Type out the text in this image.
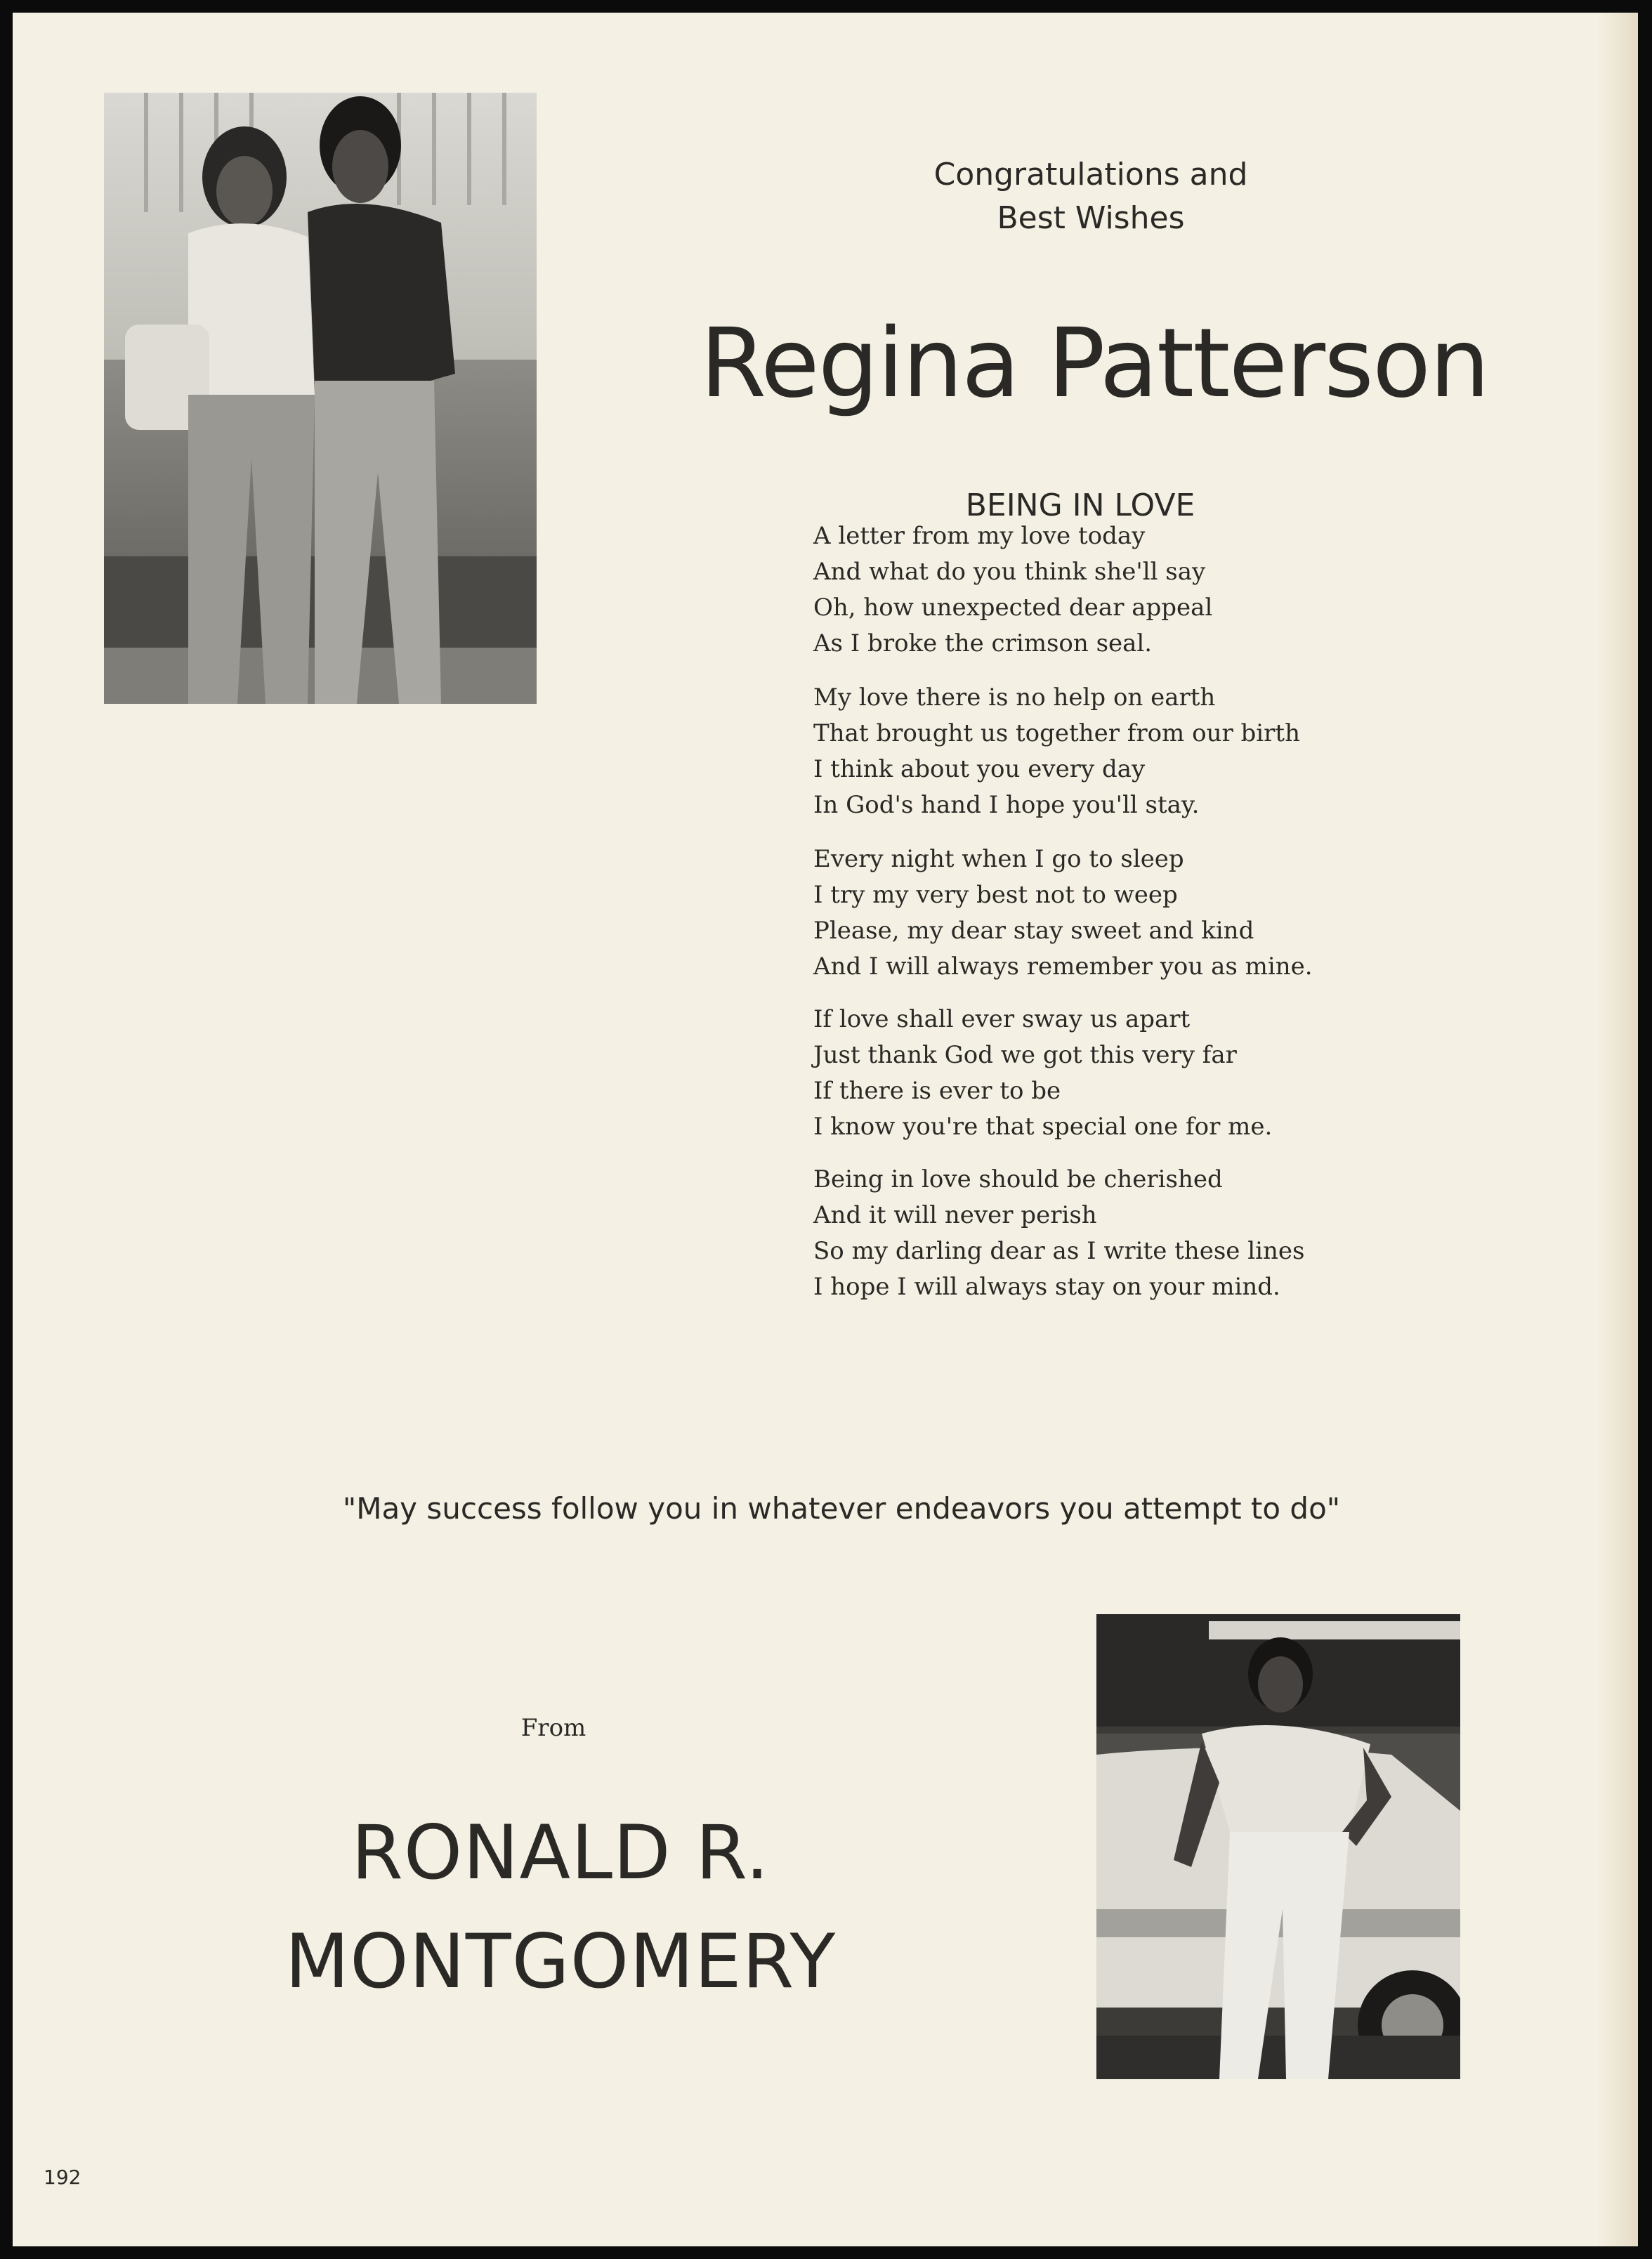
Congratulations and
Best Wishes
Regina Patterson
BEING IN LOVE
A letter from my love today
And what do you think she'll say
Oh, how unexpected dear appeal
As I broke the crimson seal.
My love there is no help on earth
That brought us together from our birth
I think about you every day
In God's hand I hope you'll stay.
Every night when I go to sleep
I try my very best not to weep
Please, my dear stay sweet and kind
And I will always remember you as mine.
If love shall ever sway us apart
Just thank God we got this very far
If there is ever to be
I know you're that special one for me.
Being in love should be cherished
And it will never perish
So my darling dear as I write these lines
I hope I will always stay on your mind.
"May success follow you in whatever endeavors you attempt to do"
From
RONALD R.
MONTGOMERY
192
